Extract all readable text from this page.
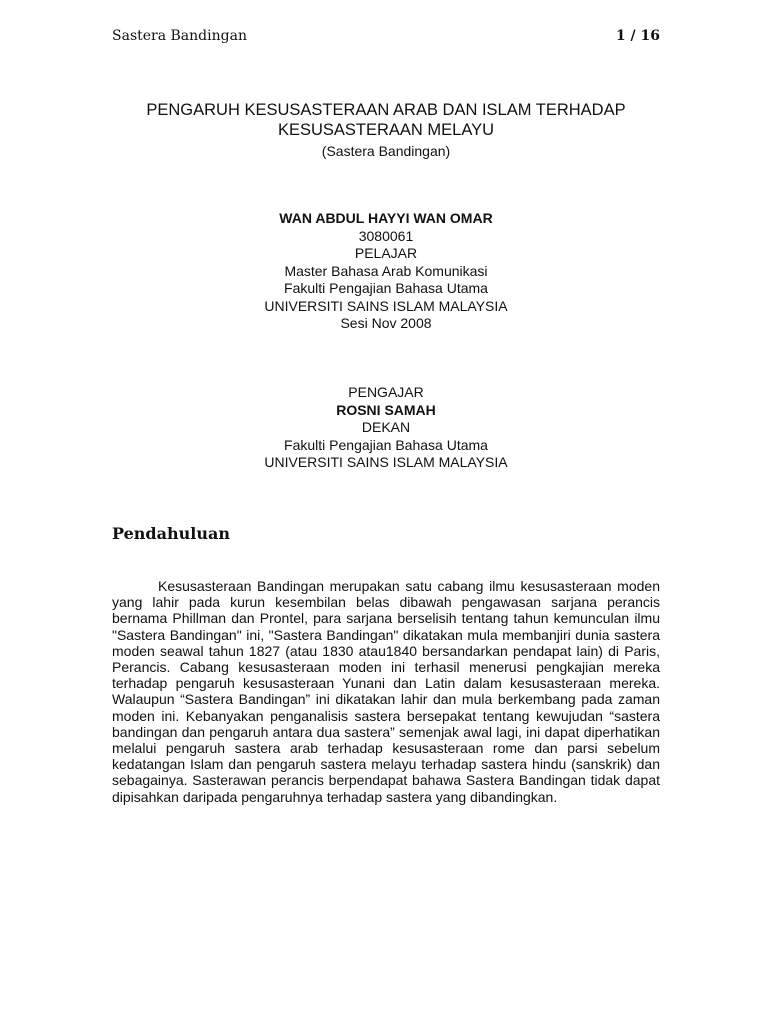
Sastera Bandingan	1 / 16
PENGARUH KESUSASTERAAN ARAB DAN ISLAM TERHADAP
KESUSASTERAAN MELAYU
(Sastera Bandingan)
WAN ABDUL HAYYI WAN OMAR
3080061
PELAJAR
Master Bahasa Arab Komunikasi
Fakulti Pengajian Bahasa Utama
UNIVERSITI SAINS ISLAM MALAYSIA
Sesi Nov 2008
PENGAJAR
ROSNI SAMAH
DEKAN
Fakulti Pengajian Bahasa Utama
UNIVERSITI SAINS ISLAM MALAYSIA
Pendahuluan

Kesusasteraan Bandingan merupakan satu cabang ilmu kesusasteraan moden yang lahir pada kurun kesembilan belas dibawah pengawasan sarjana perancis bernama Phillman dan Prontel, para sarjana berselisih tentang tahun kemunculan ilmu "Sastera Bandingan" ini, "Sastera Bandingan" dikatakan mula membanjiri dunia sastera moden seawal tahun 1827 (atau 1830 atau1840 bersandarkan pendapat lain) di Paris, Perancis. Cabang kesusasteraan moden ini terhasil menerusi pengkajian mereka terhadap pengaruh kesusasteraan Yunani dan Latin dalam kesusasteraan mereka. Walaupun “Sastera Bandingan” ini dikatakan lahir dan mula berkembang pada zaman moden ini. Kebanyakan penganalisis sastera bersepakat tentang kewujudan “sastera bandingan dan pengaruh antara dua sastera” semenjak awal lagi, ini dapat diperhatikan melalui pengaruh sastera arab terhadap kesusasteraan rome dan parsi sebelum kedatangan Islam dan pengaruh sastera melayu terhadap sastera hindu (sanskrik) dan sebagainya. Sasterawan perancis berpendapat bahawa Sastera Bandingan tidak dapat dipisahkan daripada pengaruhnya terhadap sastera yang dibandingkan.
